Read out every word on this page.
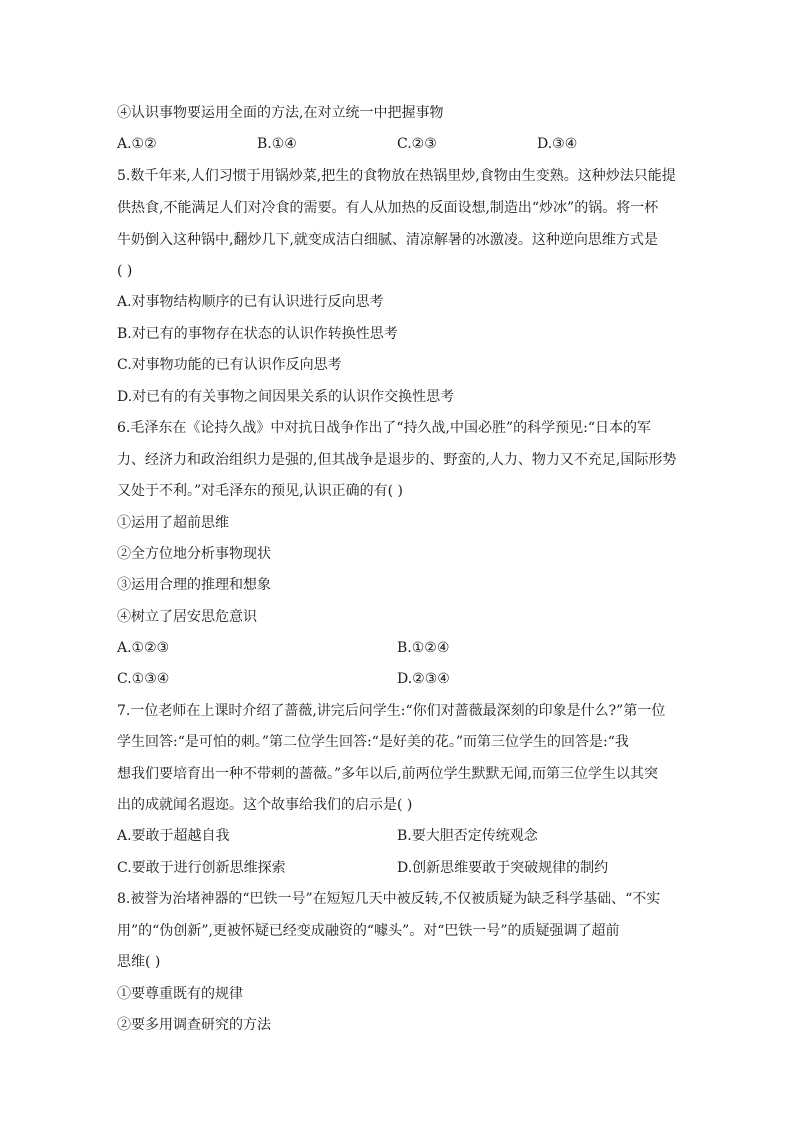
④认识事物要运用全面的方法,在对立统一中把握事物
A.①②	B.①④	C.②③	D.③④
5.数千年来,人们习惯于用锅炒菜,把生的食物放在热锅里炒,食物由生变熟。这种炒法只能提
供热食,不能满足人们对冷食的需要。有人从加热的反面设想,制造出“炒冰”的锅。将一杯
牛奶倒入这种锅中,翻炒几下,就变成洁白细腻、清凉解暑的冰激凌。这种逆向思维方式是
( )
A.对事物结构顺序的已有认识进行反向思考
B.对已有的事物存在状态的认识作转换性思考
C.对事物功能的已有认识作反向思考
D.对已有的有关事物之间因果关系的认识作交换性思考
6.毛泽东在《论持久战》中对抗日战争作出了“持久战,中国必胜”的科学预见:“日本的军
力、经济力和政治组织力是强的,但其战争是退步的、野蛮的,人力、物力又不充足,国际形势
又处于不利。”对毛泽东的预见,认识正确的有( )
①运用了超前思维
②全方位地分析事物现状
③运用合理的推理和想象
④树立了居安思危意识
A.①②③	B.①②④
C.①③④	D.②③④
7.一位老师在上课时介绍了蔷薇,讲完后问学生:“你们对蔷薇最深刻的印象是什么?”第一位
学生回答:“是可怕的刺。”第二位学生回答:“是好美的花。”而第三位学生的回答是:“我
想我们要培育出一种不带刺的蔷薇。”多年以后,前两位学生默默无闻,而第三位学生以其突
出的成就闻名遐迩。这个故事给我们的启示是( )
A.要敢于超越自我	B.要大胆否定传统观念
C.要敢于进行创新思维探索	D.创新思维要敢于突破规律的制约
8.被誉为治堵神器的“巴铁一号”在短短几天中被反转,不仅被质疑为缺乏科学基础、“不实
用”的“伪创新”,更被怀疑已经变成融资的“噱头”。对“巴铁一号”的质疑强调了超前
思维( )
①要尊重既有的规律
②要多用调查研究的方法
